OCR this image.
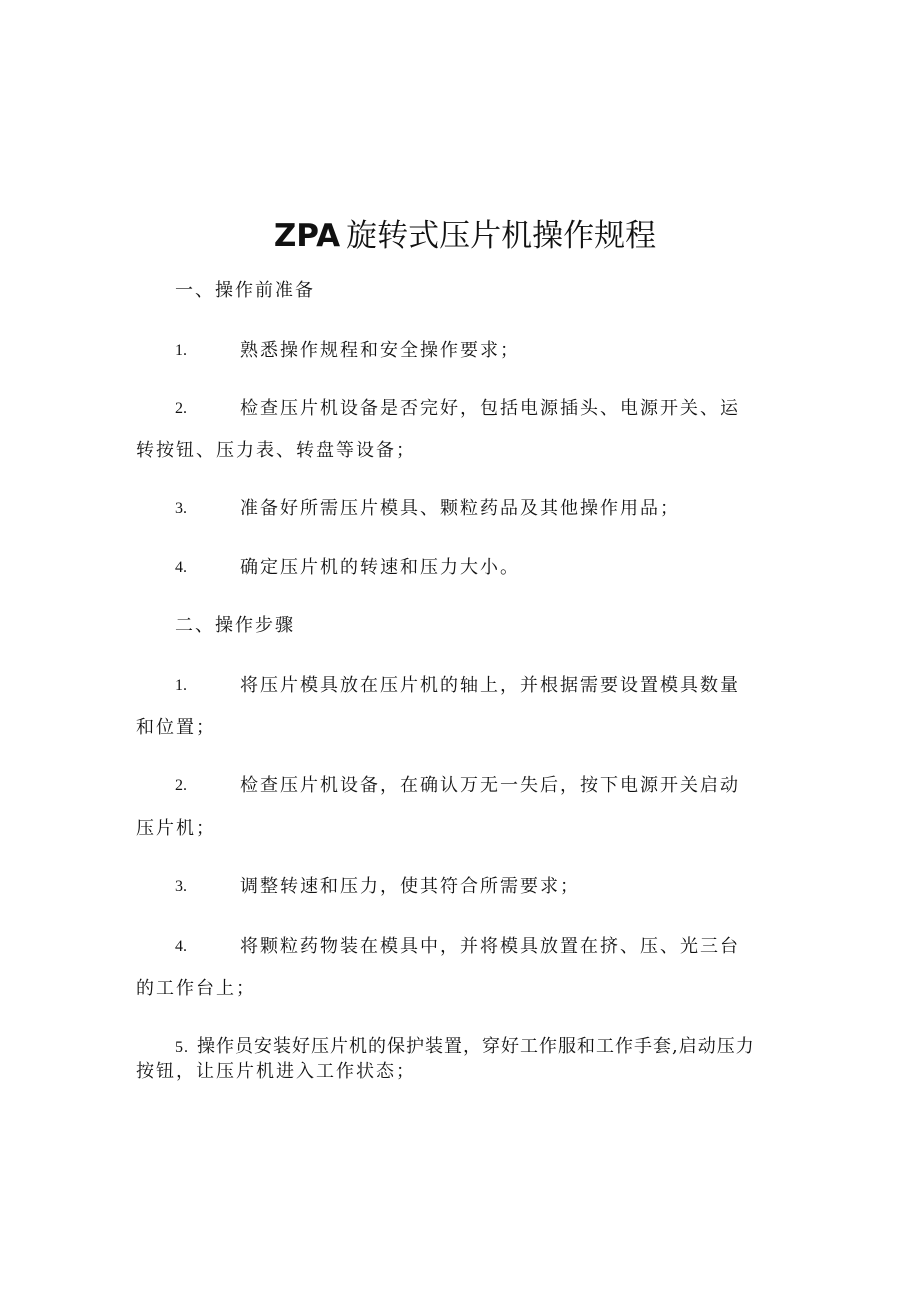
ZPA 旋转式压片机操作规程
一、操作前准备
1.	熟悉操作规程和安全操作要求；
2.	检查压片机设备是否完好，包括电源插头、电源开关、运
转按钮、压力表、转盘等设备；
3.	准备好所需压片模具、颗粒药品及其他操作用品；
4.	确定压片机的转速和压力大小。
二、操作步骤
1.	将压片模具放在压片机的轴上，并根据需要设置模具数量
和位置；
2.	检查压片机设备，在确认万无一失后，按下电源开关启动
压片机；
3.	调整转速和压力，使其符合所需要求；
4.	将颗粒药物装在模具中，并将模具放置在挤、压、光三台
的工作台上；
5. 操作员安装好压片机的保护装置，穿好工作服和工作手套,启动压力
按钮，让压片机进入工作状态；
